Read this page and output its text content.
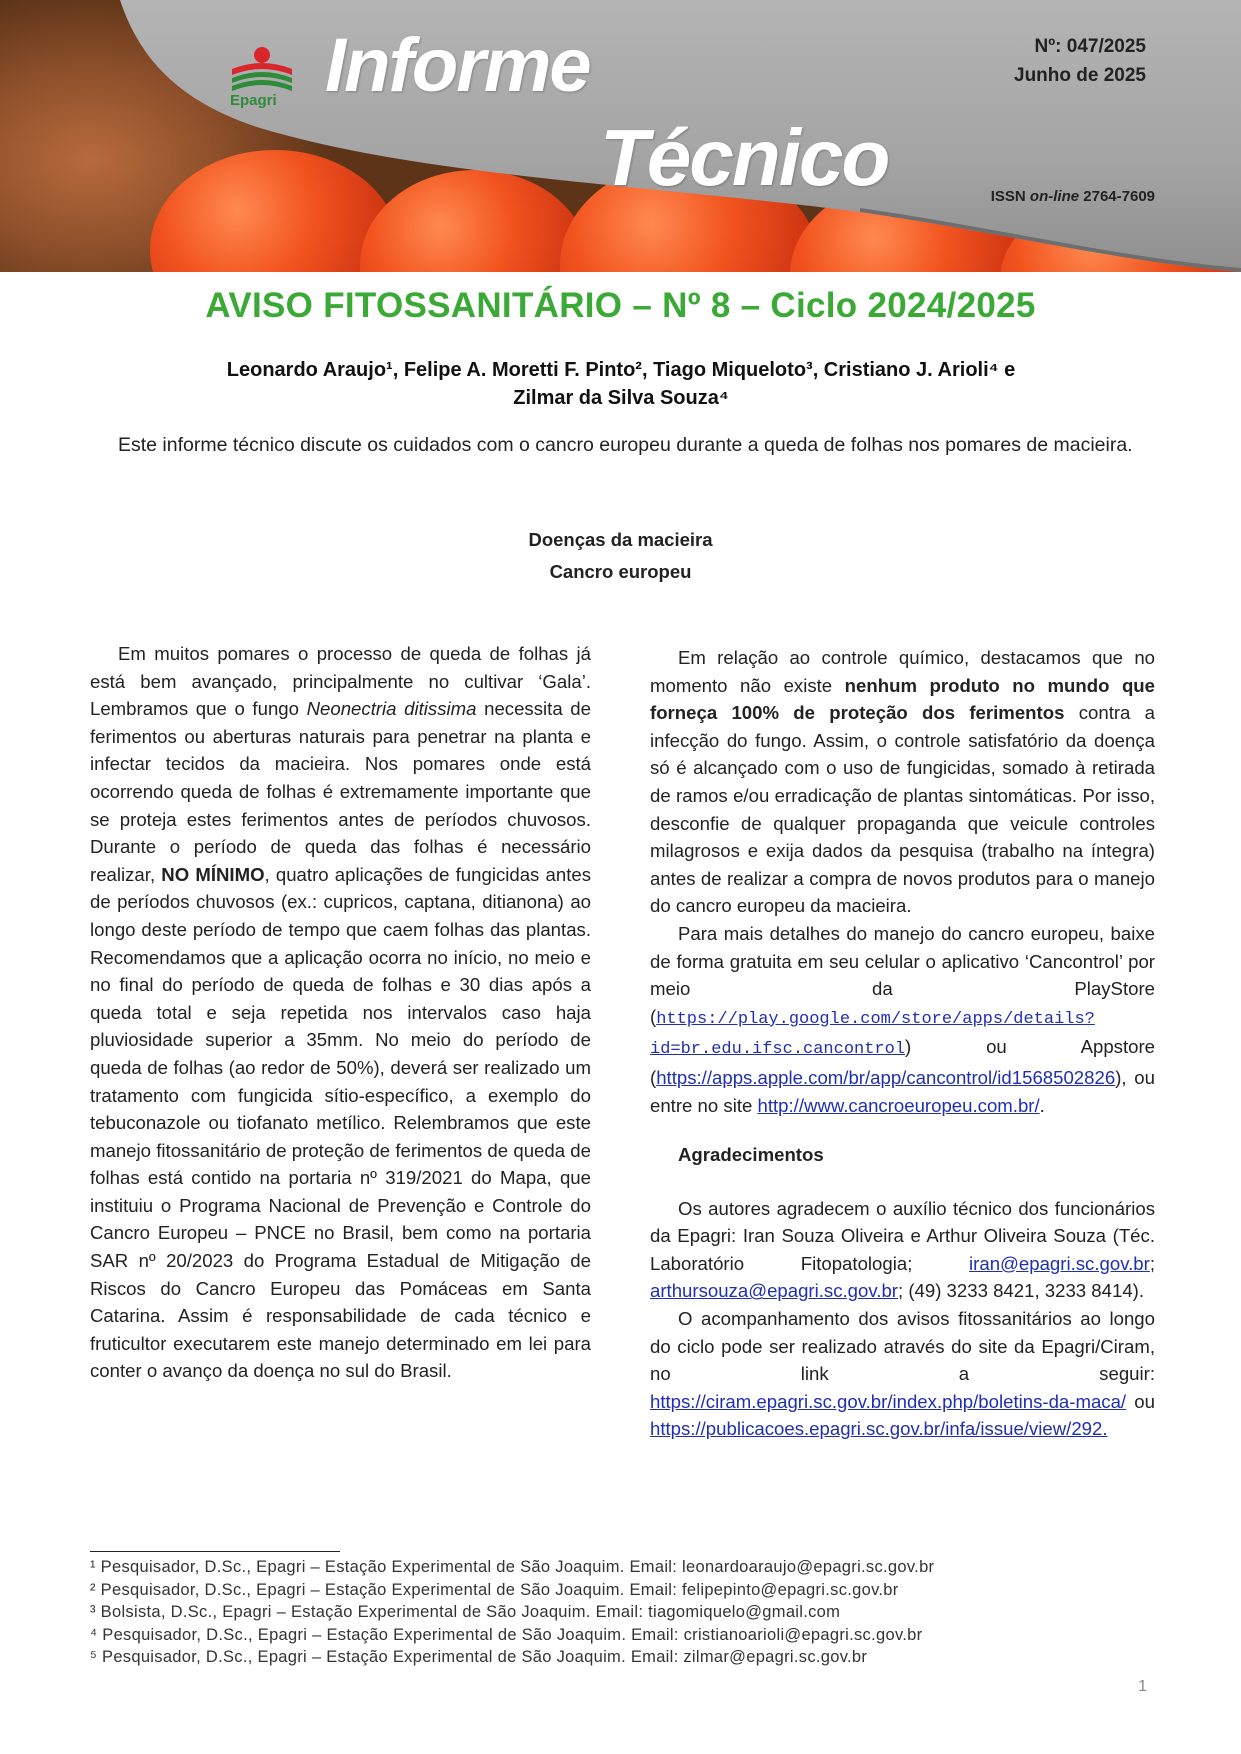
Epagri Informe
Técnico
Nº: 047/2025
Junho de 2025
ISSN on-line 2764-7609
AVISO FITOSSANITÁRIO – Nº 8 – Ciclo 2024/2025
Leonardo Araujo¹, Felipe A. Moretti F. Pinto², Tiago Miqueloto³, Cristiano J. Arioli⁴ e
Zilmar da Silva Souza⁴
Este informe técnico discute os cuidados com o cancro europeu durante a queda de folhas nos pomares de macieira.
Doenças da macieira
Cancro europeu

Em muitos pomares o processo de queda de folhas já está bem avançado, principalmente no cultivar ‘Gala’. Lembramos que o fungo Neonectria ditissima necessita de ferimentos ou aberturas naturais para penetrar na planta e infectar tecidos da macieira. Nos pomares onde está ocorrendo queda de folhas é extremamente importante que se proteja estes ferimentos antes de períodos chuvosos. Durante o período de queda das folhas é necessário realizar, NO MÍNIMO, quatro aplicações de fungicidas antes de períodos chuvosos (ex.: cupricos, captana, ditianona) ao longo deste período de tempo que caem folhas das plantas. Recomendamos que a aplicação ocorra no início, no meio e no final do período de queda de folhas e 30 dias após a queda total e seja repetida nos intervalos caso haja pluviosidade superior a 35mm. No meio do período de queda de folhas (ao redor de 50%), deverá ser realizado um tratamento com fungicida sítio-específico, a exemplo do tebuconazole ou tiofanato metílico. Relembramos que este manejo fitossanitário de proteção de ferimentos de queda de folhas está contido na portaria nº 319/2021 do Mapa, que instituiu o Programa Nacional de Prevenção e Controle do Cancro Europeu – PNCE no Brasil, bem como na portaria SAR nº 20/2023 do Programa Estadual de Mitigação de Riscos do Cancro Europeu das Pomáceas em Santa Catarina. Assim é responsabilidade de cada técnico e fruticultor executarem este manejo determinado em lei para conter o avanço da doença no sul do Brasil.

Em relação ao controle químico, destacamos que no momento não existe nenhum produto no mundo que forneça 100% de proteção dos ferimentos contra a infecção do fungo. Assim, o controle satisfatório da doença só é alcançado com o uso de fungicidas, somado à retirada de ramos e/ou erradicação de plantas sintomáticas. Por isso, desconfie de qualquer propaganda que veicule controles milagrosos e exija dados da pesquisa (trabalho na íntegra) antes de realizar a compra de novos produtos para o manejo do cancro europeu da macieira.

Para mais detalhes do manejo do cancro europeu, baixe de forma gratuita em seu celular o aplicativo ‘Cancontrol’ por meio da PlayStore (https://play.google.com/store/apps/details?id=br.edu.ifsc.cancontrol) ou Appstore (https://apps.apple.com/br/app/cancontrol/id1568502826), ou entre no site http://www.cancroeuropeu.com.br/.

Agradecimentos

Os autores agradecem o auxílio técnico dos funcionários da Epagri: Iran Souza Oliveira e Arthur Oliveira Souza (Téc. Laboratório Fitopatologia; iran@epagri.sc.gov.br; arthursouza@epagri.sc.gov.br; (49) 3233 8421, 3233 8414).

O acompanhamento dos avisos fitossanitários ao longo do ciclo pode ser realizado através do site da Epagri/Ciram, no link a seguir: https://ciram.epagri.sc.gov.br/index.php/boletins-da-maca/ ou https://publicacoes.epagri.sc.gov.br/infa/issue/view/292.

¹ Pesquisador, D.Sc., Epagri – Estação Experimental de São Joaquim. Email: leonardoaraujo@epagri.sc.gov.br
² Pesquisador, D.Sc., Epagri – Estação Experimental de São Joaquim. Email: felipepinto@epagri.sc.gov.br
³ Bolsista, D.Sc., Epagri – Estação Experimental de São Joaquim. Email: tiagomiquelo@gmail.com
⁴ Pesquisador, D.Sc., Epagri – Estação Experimental de São Joaquim. Email: cristianoarioli@epagri.sc.gov.br
⁵ Pesquisador, D.Sc., Epagri – Estação Experimental de São Joaquim. Email: zilmar@epagri.sc.gov.br
1
